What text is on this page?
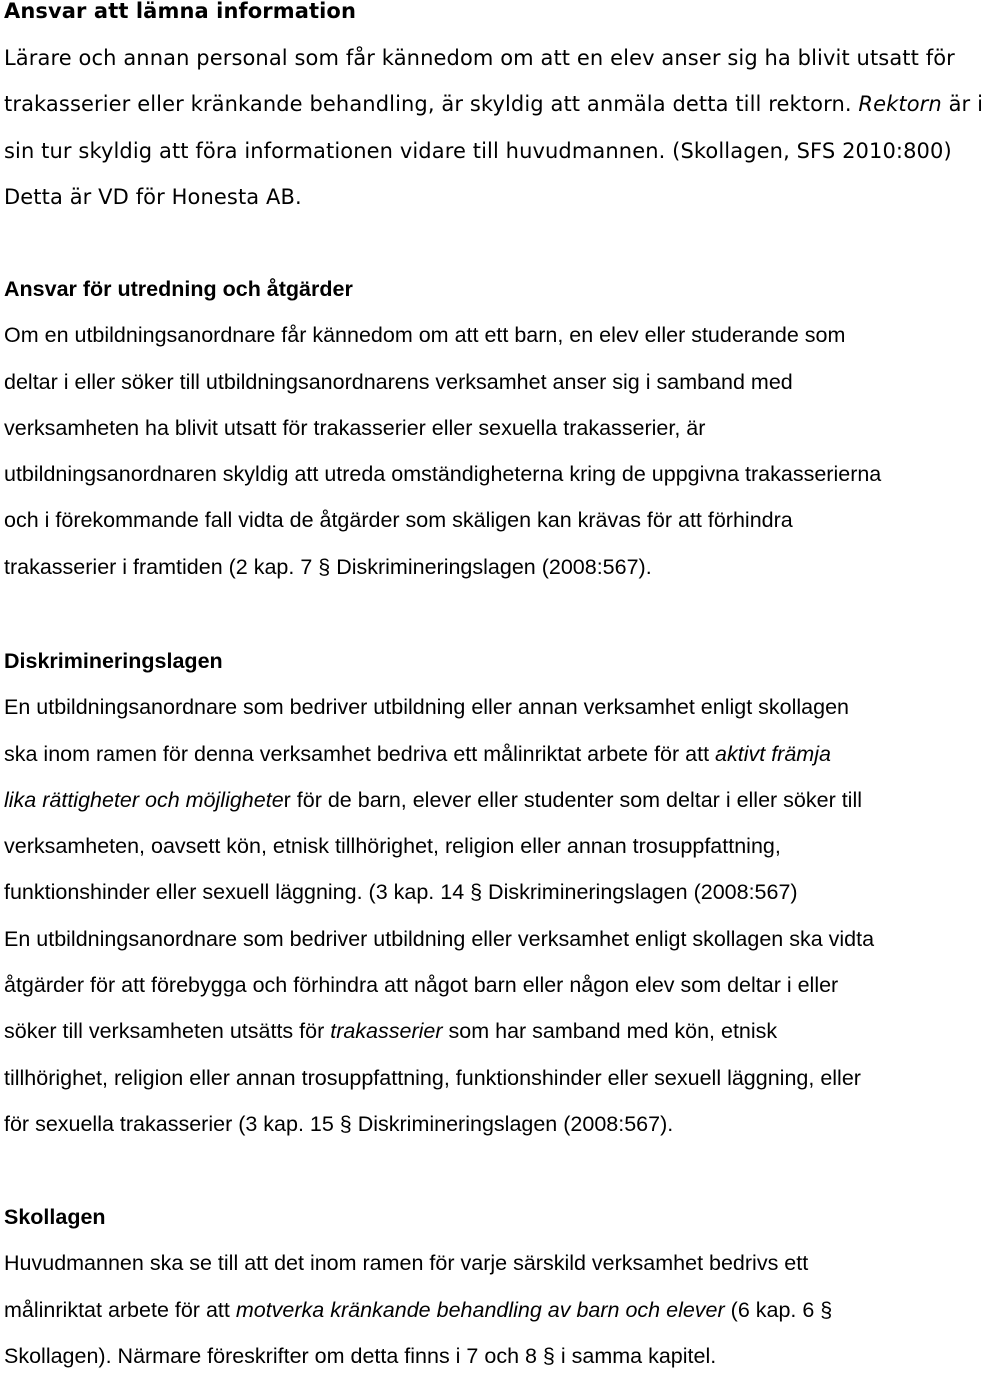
Ansvar att lämna information
Lärare och annan personal som får kännedom om att en elev anser sig ha blivit utsatt för
trakasserier eller kränkande behandling, är skyldig att anmäla detta till rektorn. Rektorn är i
sin tur skyldig att föra informationen vidare till huvudmannen. (Skollagen, SFS 2010:800)
Detta är VD för Honesta AB.
Ansvar för utredning och åtgärder
Om en utbildningsanordnare får kännedom om att ett barn, en elev eller studerande som
deltar i eller söker till utbildningsanordnarens verksamhet anser sig i samband med
verksamheten ha blivit utsatt för trakasserier eller sexuella trakasserier, är
utbildningsanordnaren skyldig att utreda omständigheterna kring de uppgivna trakasserierna
och i förekommande fall vidta de åtgärder som skäligen kan krävas för att förhindra
trakasserier i framtiden (2 kap. 7 § Diskrimineringslagen (2008:567).
Diskrimineringslagen
En utbildningsanordnare som bedriver utbildning eller annan verksamhet enligt skollagen
ska inom ramen för denna verksamhet bedriva ett målinriktat arbete för att aktivt främja
lika rättigheter och möjligheter för de barn, elever eller studenter som deltar i eller söker till
verksamheten, oavsett kön, etnisk tillhörighet, religion eller annan trosuppfattning,
funktionshinder eller sexuell läggning. (3 kap. 14 § Diskrimineringslagen (2008:567)
En utbildningsanordnare som bedriver utbildning eller verksamhet enligt skollagen ska vidta
åtgärder för att förebygga och förhindra att något barn eller någon elev som deltar i eller
söker till verksamheten utsätts för trakasserier som har samband med kön, etnisk
tillhörighet, religion eller annan trosuppfattning, funktionshinder eller sexuell läggning, eller
för sexuella trakasserier (3 kap. 15 § Diskrimineringslagen (2008:567).
Skollagen
Huvudmannen ska se till att det inom ramen för varje särskild verksamhet bedrivs ett
målinriktat arbete för att motverka kränkande behandling av barn och elever (6 kap. 6 §
Skollagen). Närmare föreskrifter om detta finns i 7 och 8 § i samma kapitel.
